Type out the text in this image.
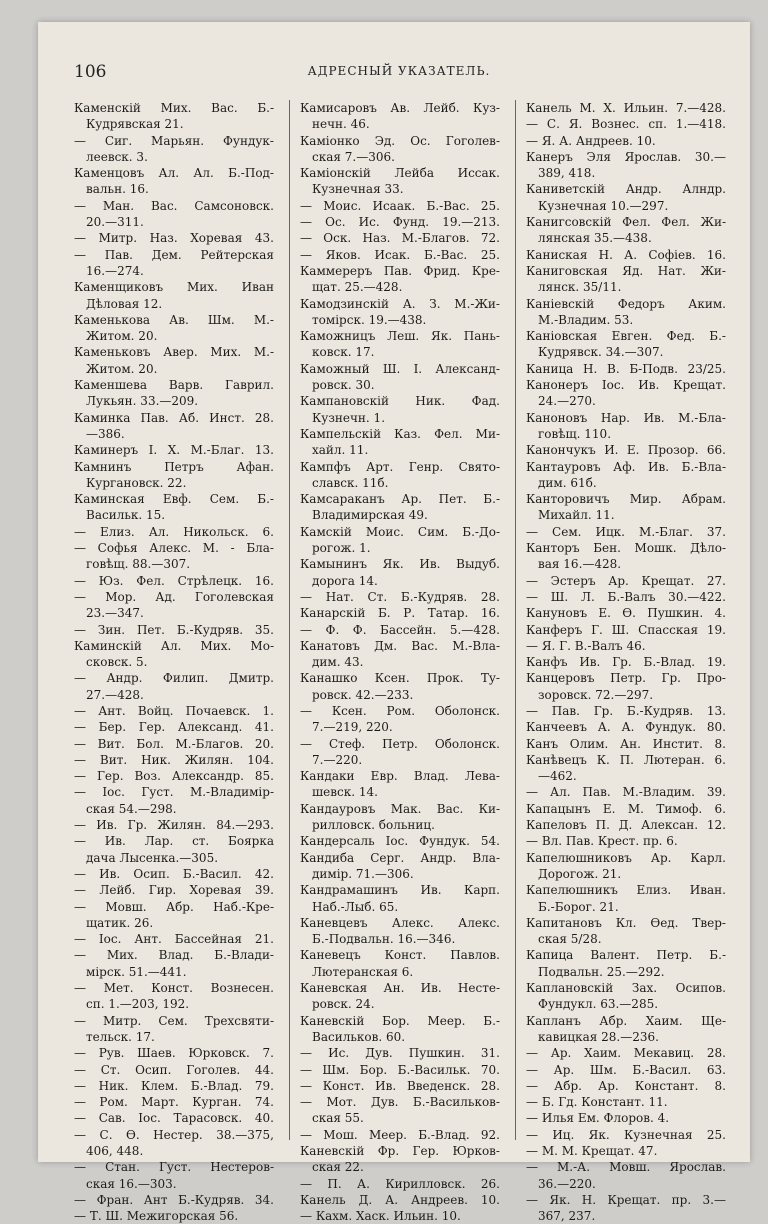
106	АДРЕСНЫЙ УКАЗАТЕЛЬ.
Каменскій Мих. Вас. Б.-
Кудрявская 21.
— Сиг. Марьян. Фундук-
леевск. 3.
Каменцовъ Ал. Ал. Б.-Под-
вальн. 16.
— Ман. Вас. Самсоновск.
20.—311.
— Митр. Наз. Хоревая 43.
— Пав. Дем. Рейтерская
16.—274.
Каменщиковъ Мих. Иван
Дѣловая 12.
Каменькова Ав. Шм. М.-
Житом. 20.
Каменьковъ Авер. Мих. М.-
Житом. 20.
Каменшева Варв. Гаврил.
Лукьян. 33.—209.
Каминка Пав. Аб. Инст. 28.
—386.
Каминеръ I. X. М.-Благ. 13.
Камнинъ Петръ Афан.
Кургановск. 22.
Каминская Евф. Сем. Б.-
Васильк. 15.
— Елиз. Ал. Никольск. 6.
— Софья Алекс. М. - Бла-
говѣщ. 88.—307.
— Юз. Фел. Стрѣлецк. 16.
— Мор. Ад. Гоголевская
23.—347.
— Зин. Пет. Б.-Кудряв. 35.
Каминскій Ал. Мих. Мо-
сковск. 5.
— Андр. Филип. Дмитр.
27.—428.
— Ант. Войц. Почаевск. 1.
— Бер. Гер. Александ. 41.
— Вит. Бол. М.-Благов. 20.
— Вит. Ник. Жилян. 104.
— Гер. Воз. Александр. 85.
— Іос. Густ. М.-Владимір-
ская 54.—298.
— Ив. Гр. Жилян. 84.—293.
— Ив. Лар. ст. Боярка
дача Лысенка.—305.
— Ив. Осип. Б.-Васил. 42.
— Лейб. Гир. Хоревая 39.
— Мовш. Абр. Наб.-Кре-
щатик. 26.
— Іос. Ант. Бассейная 21.
— Мих. Влад. Б.-Влади-
мірск. 51.—441.
— Мет. Конст. Вознесен.
сп. 1.—203, 192.
— Митр. Сем. Трехсвяти-
тельск. 17.
— Рув. Шаев. Юрковск. 7.
— Ст. Осип. Гоголев. 44.
— Ник. Клем. Б.-Влад. 79.
— Ром. Март. Курган. 74.
— Сав. Іос. Тарасовск. 40.
— С. Ѳ. Нестер. 38.—375,
406, 448.
— Стан. Густ. Нестеров-
ская 16.—303.
— Фран. Ант Б.-Кудряв. 34.
— Т. Ш. Межигорская 56.
Камисаровъ Ав. Лейб. Куз-
нечн. 46.
Каміонко Эд. Ос. Гоголев-
ская 7.—306.
Каміонскій Лейба Иссак.
Кузнечная 33.
— Моис. Исаак. Б.-Вас. 25.
— Ос. Ис. Фунд. 19.—213.
— Оск. Наз. М.-Благов. 72.
— Яков. Исак. Б.-Вас. 25.
Каммереръ Пав. Фрид. Кре-
щат. 25.—428.
Камодзинскій А. З. М.-Жи-
томірск. 19.—438.
Каможницъ Леш. Як. Пань-
ковск. 17.
Каможный Ш. I. Александ-
ровск. 30.
Кампановскій Ник. Фад.
Кузнечн. 1.
Кампельскій Каз. Фел. Ми-
хайл. 11.
Кампфъ Арт. Генр. Свято-
славск. 11б.
Камсараканъ Ар. Пет. Б.-
Владимирская 49.
Камскій Моис. Сим. Б.-До-
рогож. 1.
Камынинъ Як. Ив. Выдуб.
дорога 14.
— Нат. Ст. Б.-Кудряв. 28.
Канарскій Б. Р. Татар. 16.
— Ф. Ф. Бассейн. 5.—428.
Канатовъ Дм. Вас. М.-Вла-
дим. 43.
Канашко Ксен. Прок. Ту-
ровск. 42.—233.
— Ксен. Ром. Оболонск.
7.—219, 220.
— Стеф. Петр. Оболонск.
7.—220.
Кандаки Евр. Влад. Лева-
шевск. 14.
Кандауровъ Мак. Вас. Ки-
рилловск. больниц.
Кандерсаль Іос. Фундук. 54.
Кандиба Серг. Андр. Вла-
димір. 71.—306.
Кандрамашинъ Ив. Карп.
Наб.-Лыб. 65.
Каневцевъ Алекс. Алекс.
Б.-Подвальн. 16.—346.
Каневецъ Конст. Павлов.
Лютеранская 6.
Каневская Ан. Ив. Несте-
ровск. 24.
Каневскій Бор. Меер. Б.-
Васильков. 60.
— Ис. Дув. Пушкин. 31.
— Шм. Бор. Б.-Васильк. 70.
— Конст. Ив. Введенск. 28.
— Мот. Дув. Б.-Васильков-
ская 55.
— Мош. Меер. Б.-Влад. 92.
Каневскій Фр. Гер. Юрков-
ская 22.
— П. А. Кирилловск. 26.
Канель Д. А. Андреев. 10.
— Кахм. Хаск. Ильин. 10.
Канель М. Х. Ильин. 7.—428.
— С. Я. Вознес. сп. 1.—418.
— Я. А. Андреев. 10.
Канеръ Эля Ярослав. 30.—
389, 418.
Каниветскій Андр. Алндр.
Кузнечная 10.—297.
Канигсовскій Фел. Фел. Жи-
лянская 35.—438.
Каниская Н. А. Софіев. 16.
Каниговская Яд. Нат. Жи-
лянск. 35/11.
Каніевскій Федоръ Аким.
М.-Владим. 53.
Каніовская Евген. Фед. Б.-
Кудрявск. 34.—307.
Каница Н. В. Б-Подв. 23/25.
Канонеръ Іос. Ив. Крещат.
24.—270.
Каноновъ Нар. Ив. М.-Бла-
говѣщ. 110.
Канончукъ И. Е. Прозор. 66.
Кантауровъ Аф. Ив. Б.-Вла-
дим. 61б.
Канторовичъ Мир. Абрам.
Михайл. 11.
— Сем. Ицк. М.-Благ. 37.
Канторъ Бен. Мошк. Дѣло-
вая 16.—428.
— Эстеръ Ар. Крещат. 27.
— Ш. Л. Б.-Валъ 30.—422.
Кануновъ Е. Ѳ. Пушкин. 4.
Канферъ Г. Ш. Спасская 19.
— Я. Г. В.-Валъ 46.
Канфъ Ив. Гр. Б.-Влад. 19.
Канцеровъ Петр. Гр. Про-
зоровск. 72.—297.
— Пав. Гр. Б.-Кудряв. 13.
Канчеевъ А. А. Фундук. 80.
Канъ Олим. Ан. Инстит. 8.
Канѣвецъ К. П. Лютеран. 6.
—462.
— Ал. Пав. М.-Владим. 39.
Капацынъ Е. М. Тимоф. 6.
Капеловъ П. Д. Алексан. 12.
— Вл. Пав. Крест. пр. 6.
Капелюшниковъ Ар. Карл.
Дорогож. 21.
Капелюшникъ Елиз. Иван.
Б.-Борог. 21.
Капитановъ Кл. Ѳед. Твер-
ская 5/28.
Капица Валент. Петр. Б.-
Подвальн. 25.—292.
Каплановскій Зах. Осипов.
Фундукл. 63.—285.
Капланъ Абр. Хаим. Ще-
кавицкая 28.—236.
— Ар. Хаим. Мекавиц. 28.
— Ар. Шм. Б.-Васил. 63.
— Абр. Ар. Констант. 8.
— Б. Гд. Констант. 11.
— Илья Ем. Флоров. 4.
— Иц. Як. Кузнечная 25.
— М. М. Крещат. 47.
— М.-А. Мовш. Ярослав.
36.—220.
— Як. Н. Крещат. пр. 3.—
367, 237.
